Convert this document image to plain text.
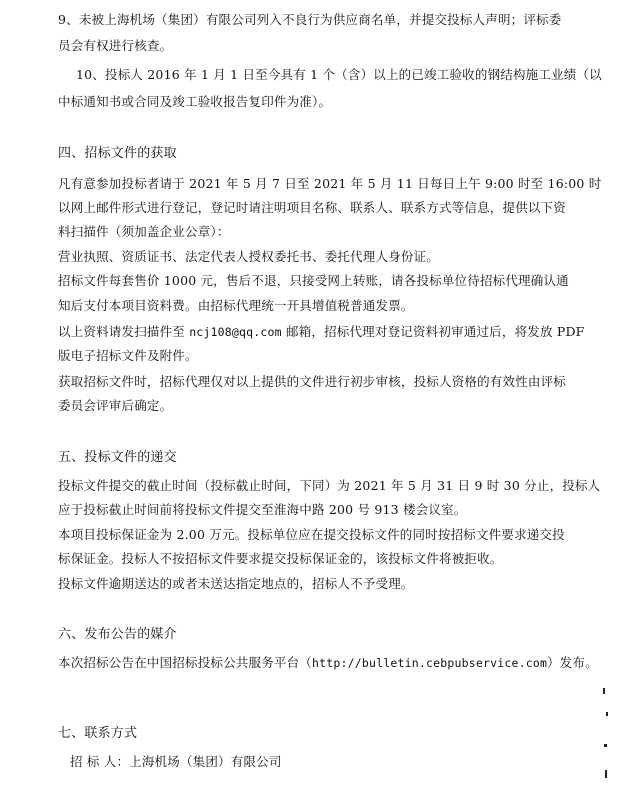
9、未被上海机场（集团）有限公司列入不良行为供应商名单，并提交投标人声明；评标委
员会有权进行核查。
10、投标人 2016 年 1 月 1 日至今具有 1 个（含）以上的已竣工验收的钢结构施工业绩（以
中标通知书或合同及竣工验收报告复印件为准）。
四、招标文件的获取
凡有意参加投标者请于 2021 年 5 月 7 日至 2021 年 5 月 11 日每日上午 9:00 时至 16:00 时
以网上邮件形式进行登记，登记时请注明项目名称、联系人、联系方式等信息，提供以下资
料扫描件（须加盖企业公章）：
营业执照、资质证书、法定代表人授权委托书、委托代理人身份证。
招标文件每套售价 1000 元，售后不退，只接受网上转账，请各投标单位待招标代理确认通
知后支付本项目资料费。由招标代理统一开具增值税普通发票。
以上资料请发扫描件至 ncj108@qq.com 邮箱，招标代理对登记资料初审通过后，将发放 PDF
版电子招标文件及附件。
获取招标文件时，招标代理仅对以上提供的文件进行初步审核，投标人资格的有效性由评标
委员会评审后确定。
五、投标文件的递交
投标文件提交的截止时间（投标截止时间，下同）为 2021 年 5 月 31 日 9 时 30 分止，投标人
应于投标截止时间前将投标文件提交至淮海中路 200 号 913 楼会议室。
本项目投标保证金为 2.00 万元。投标单位应在提交投标文件的同时按招标文件要求递交投
标保证金。投标人不按招标文件要求提交投标保证金的，该投标文件将被拒收。
投标文件逾期送达的或者未送达指定地点的，招标人不予受理。
六、发布公告的媒介
本次招标公告在中国招标投标公共服务平台（http://bulletin.cebpubservice.com）发布。
七、联系方式
招 标 人：上海机场（集团）有限公司
